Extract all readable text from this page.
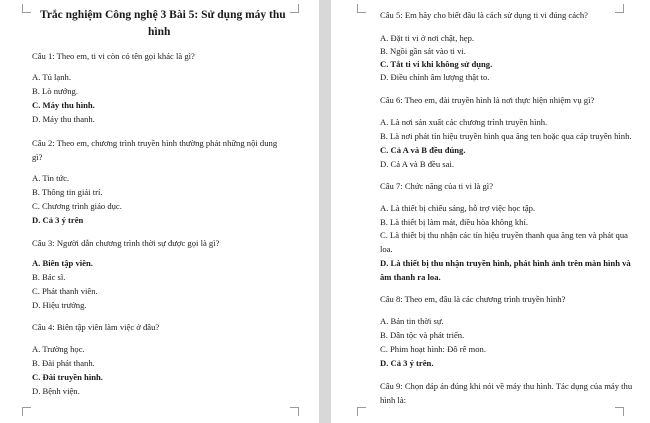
Trắc nghiệm Công nghệ 3 Bài 5: Sử dụng máy thu
hình
Câu 1: Theo em, ti vi còn có tên gọi khác là gì?
A. Tủ lạnh.
B. Lò nướng.
C. Máy thu hình.
D. Máy thu thanh.
Câu 2: Theo em, chương trình truyền hình thường phát những nội dung
gì?
A. Tin tức.
B. Thông tin giải trí.
C. Chương trình giáo dục.
D. Cả 3 ý trên
Câu 3: Người dẫn chương trình thời sự được gọi là gì?
A. Biên tập viên.
B. Bác sĩ.
C. Phát thanh viên.
D. Hiệu trưởng.
Câu 4: Biên tập viên làm việc ở đâu?
A. Trường học.
B. Đài phát thanh.
C. Đài truyền hình.
D. Bệnh viện.
Câu 5: Em hãy cho biết đâu là cách sử dụng ti vi đúng cách?
A. Đặt ti vi ở nơi chật, hẹp.
B. Ngồi gần sát vào ti vi.
C. Tắt ti vi khi không sử dụng.
D. Điều chỉnh âm lượng thật to.
Câu 6: Theo em, đài truyền hình là nơi thực hiện nhiệm vụ gì?
A. Là nơi sản xuất các chương trình truyền hình.
B. Là nơi phát tín hiệu truyền hình qua ăng ten hoặc qua cáp truyền hình.
C. Cả A và B đều đúng.
D. Cả A và B đều sai.
Câu 7: Chức năng của ti vi là gì?
A. Là thiết bị chiếu sáng, hỗ trợ việc học tập.
B. Là thiết bị làm mát, điều hòa không khí.
C. Là thiết bị thu nhận các tín hiệu truyền thanh qua ăng ten và phát qua
loa.
D. Là thiết bị thu nhận truyền hình, phát hình ảnh trên màn hình và
âm thanh ra loa.
Câu 8: Theo em, đâu là các chương trình truyền hình?
A. Bản tin thời sự.
B. Dân tộc và phát triển.
C. Phim hoạt hình: Đô rê mon.
D. Cả 3 ý trên.
Câu 9: Chọn đáp án đúng khi nói về máy thu hình. Tác dụng của máy thu
hình là:
